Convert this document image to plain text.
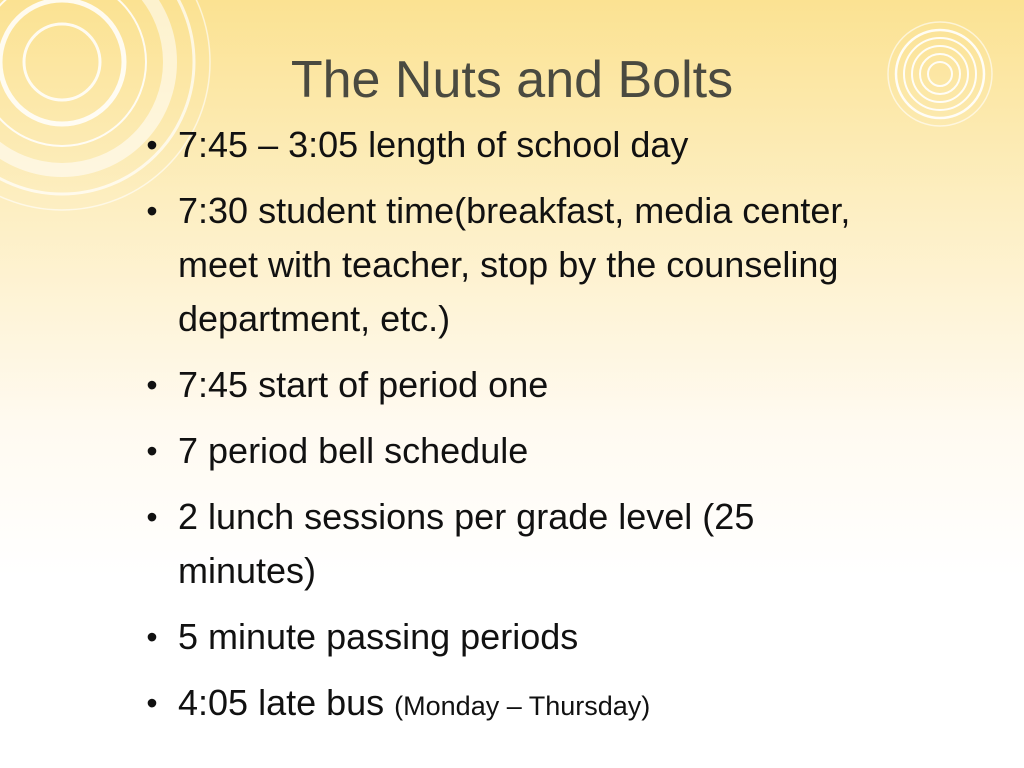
The Nuts and Bolts
• 7:45 – 3:05 length of school day
• 7:30 student time(breakfast, media center, meet with teacher, stop by the counseling department, etc.)
• 7:45 start of period one
• 7 period bell schedule
• 2 lunch sessions per grade level (25 minutes)
• 5 minute passing periods
• 4:05 late bus (Monday – Thursday)
